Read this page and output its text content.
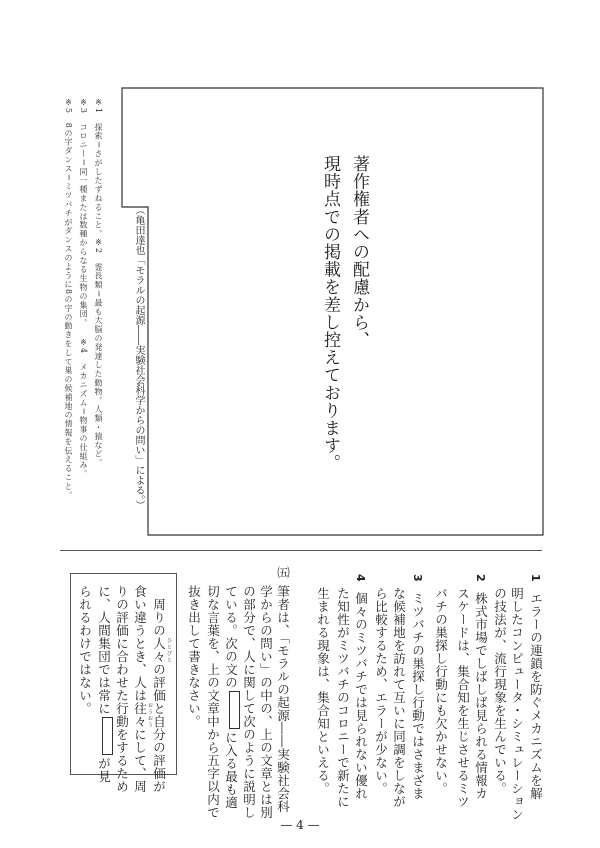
著作権者への配慮から、
現時点での掲載を差し控えております。
（亀田達也「モラルの起源――実験社会科学からの問い」による。）
※1　探索＝さがしたずねること。
※2　霊長類＝最も大脳の発達した動物。人類・猿など。
※3　コロニー＝同一種または数種からなる生物の集団。
※4　メカニズム＝物事の仕組み。
※5　8の字ダンス＝ミツバチがダンスのように8の字の動きをして巣の候補地の情報を伝えること。
1
エラーの連鎖を防ぐメカニズムを解
明したコンピュータ・シミュレーション
の技法が、流行現象を生んでいる。
2
株式市場でしばしば見られる情報カ
スケードは、集合知を生じさせるミツ
バチの巣探し行動にも欠かせない。
3
ミツバチの巣探し行動ではさまざま
な候補地を訪れて互いに同調をしなが
ら比較するため、エラーが少ない。
4
個々のミツバチでは見られない優れ
た知性がミツバチのコロニーで新たに
生まれる現象は、集合知といえる。
㈤
筆者は、「モラルの起源――実験社会科
学からの問い」の中の、上の文章とは別
の部分で、人に関して次のように説明し
ている。次の文のに入る最も適
切な言葉を、上の文章中から五字以内で
抜き出して書きなさい。
周りの人々 ひとびとの評価と自分の評価が
食い違うとき、人は往々 おうおうにして、周
りの評価に合わせた行動をするため
に、人間集団では常にが見
られるわけではない。
— 4 —
